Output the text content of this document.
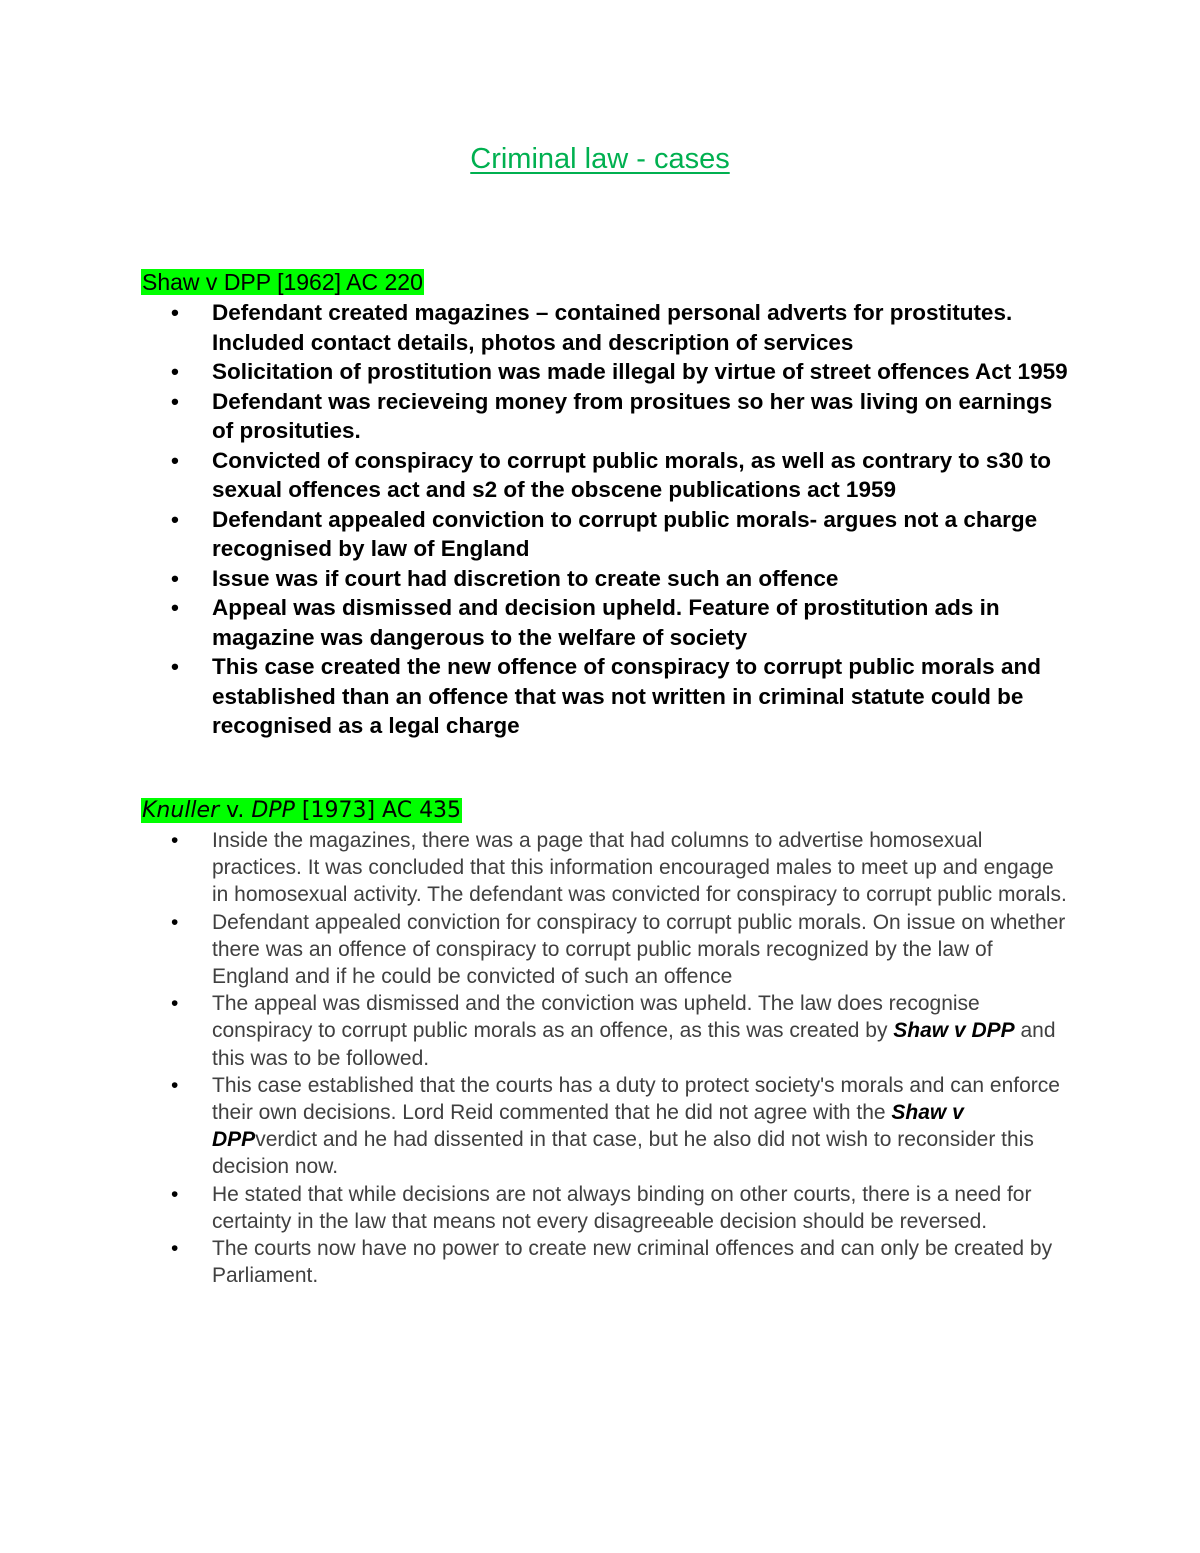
Criminal law - cases
Shaw v DPP [1962] AC 220
• Defendant created magazines – contained personal adverts for prostitutes. Included contact details, photos and description of services
• Solicitation of prostitution was made illegal by virtue of street offences Act 1959
• Defendant was recieveing money from prositues so her was living on earnings of prosituties.
• Convicted of conspiracy to corrupt public morals, as well as contrary to s30 to sexual offences act and s2 of the obscene publications act 1959
• Defendant appealed conviction to corrupt public morals- argues not a charge recognised by law of England
• Issue was if court had discretion to create such an offence
• Appeal was dismissed and decision upheld. Feature of prostitution ads in magazine was dangerous to the welfare of society
• This case created the new offence of conspiracy to corrupt public morals and established than an offence that was not written in criminal statute could be recognised as a legal charge
Knuller v. DPP [1973] AC 435
• Inside the magazines, there was a page that had columns to advertise homosexual practices. It was concluded that this information encouraged males to meet up and engage in homosexual activity. The defendant was convicted for conspiracy to corrupt public morals.
• Defendant appealed conviction for conspiracy to corrupt public morals. On issue on whether there was an offence of conspiracy to corrupt public morals recognized by the law of England and if he could be convicted of such an offence
• The appeal was dismissed and the conviction was upheld. The law does recognise conspiracy to corrupt public morals as an offence, as this was created by Shaw v DPP and this was to be followed.
• This case established that the courts has a duty to protect society's morals and can enforce their own decisions. Lord Reid commented that he did not agree with the Shaw v DPPverdict and he had dissented in that case, but he also did not wish to reconsider this decision now.
• He stated that while decisions are not always binding on other courts, there is a need for certainty in the law that means not every disagreeable decision should be reversed.
• The courts now have no power to create new criminal offences and can only be created by Parliament.
